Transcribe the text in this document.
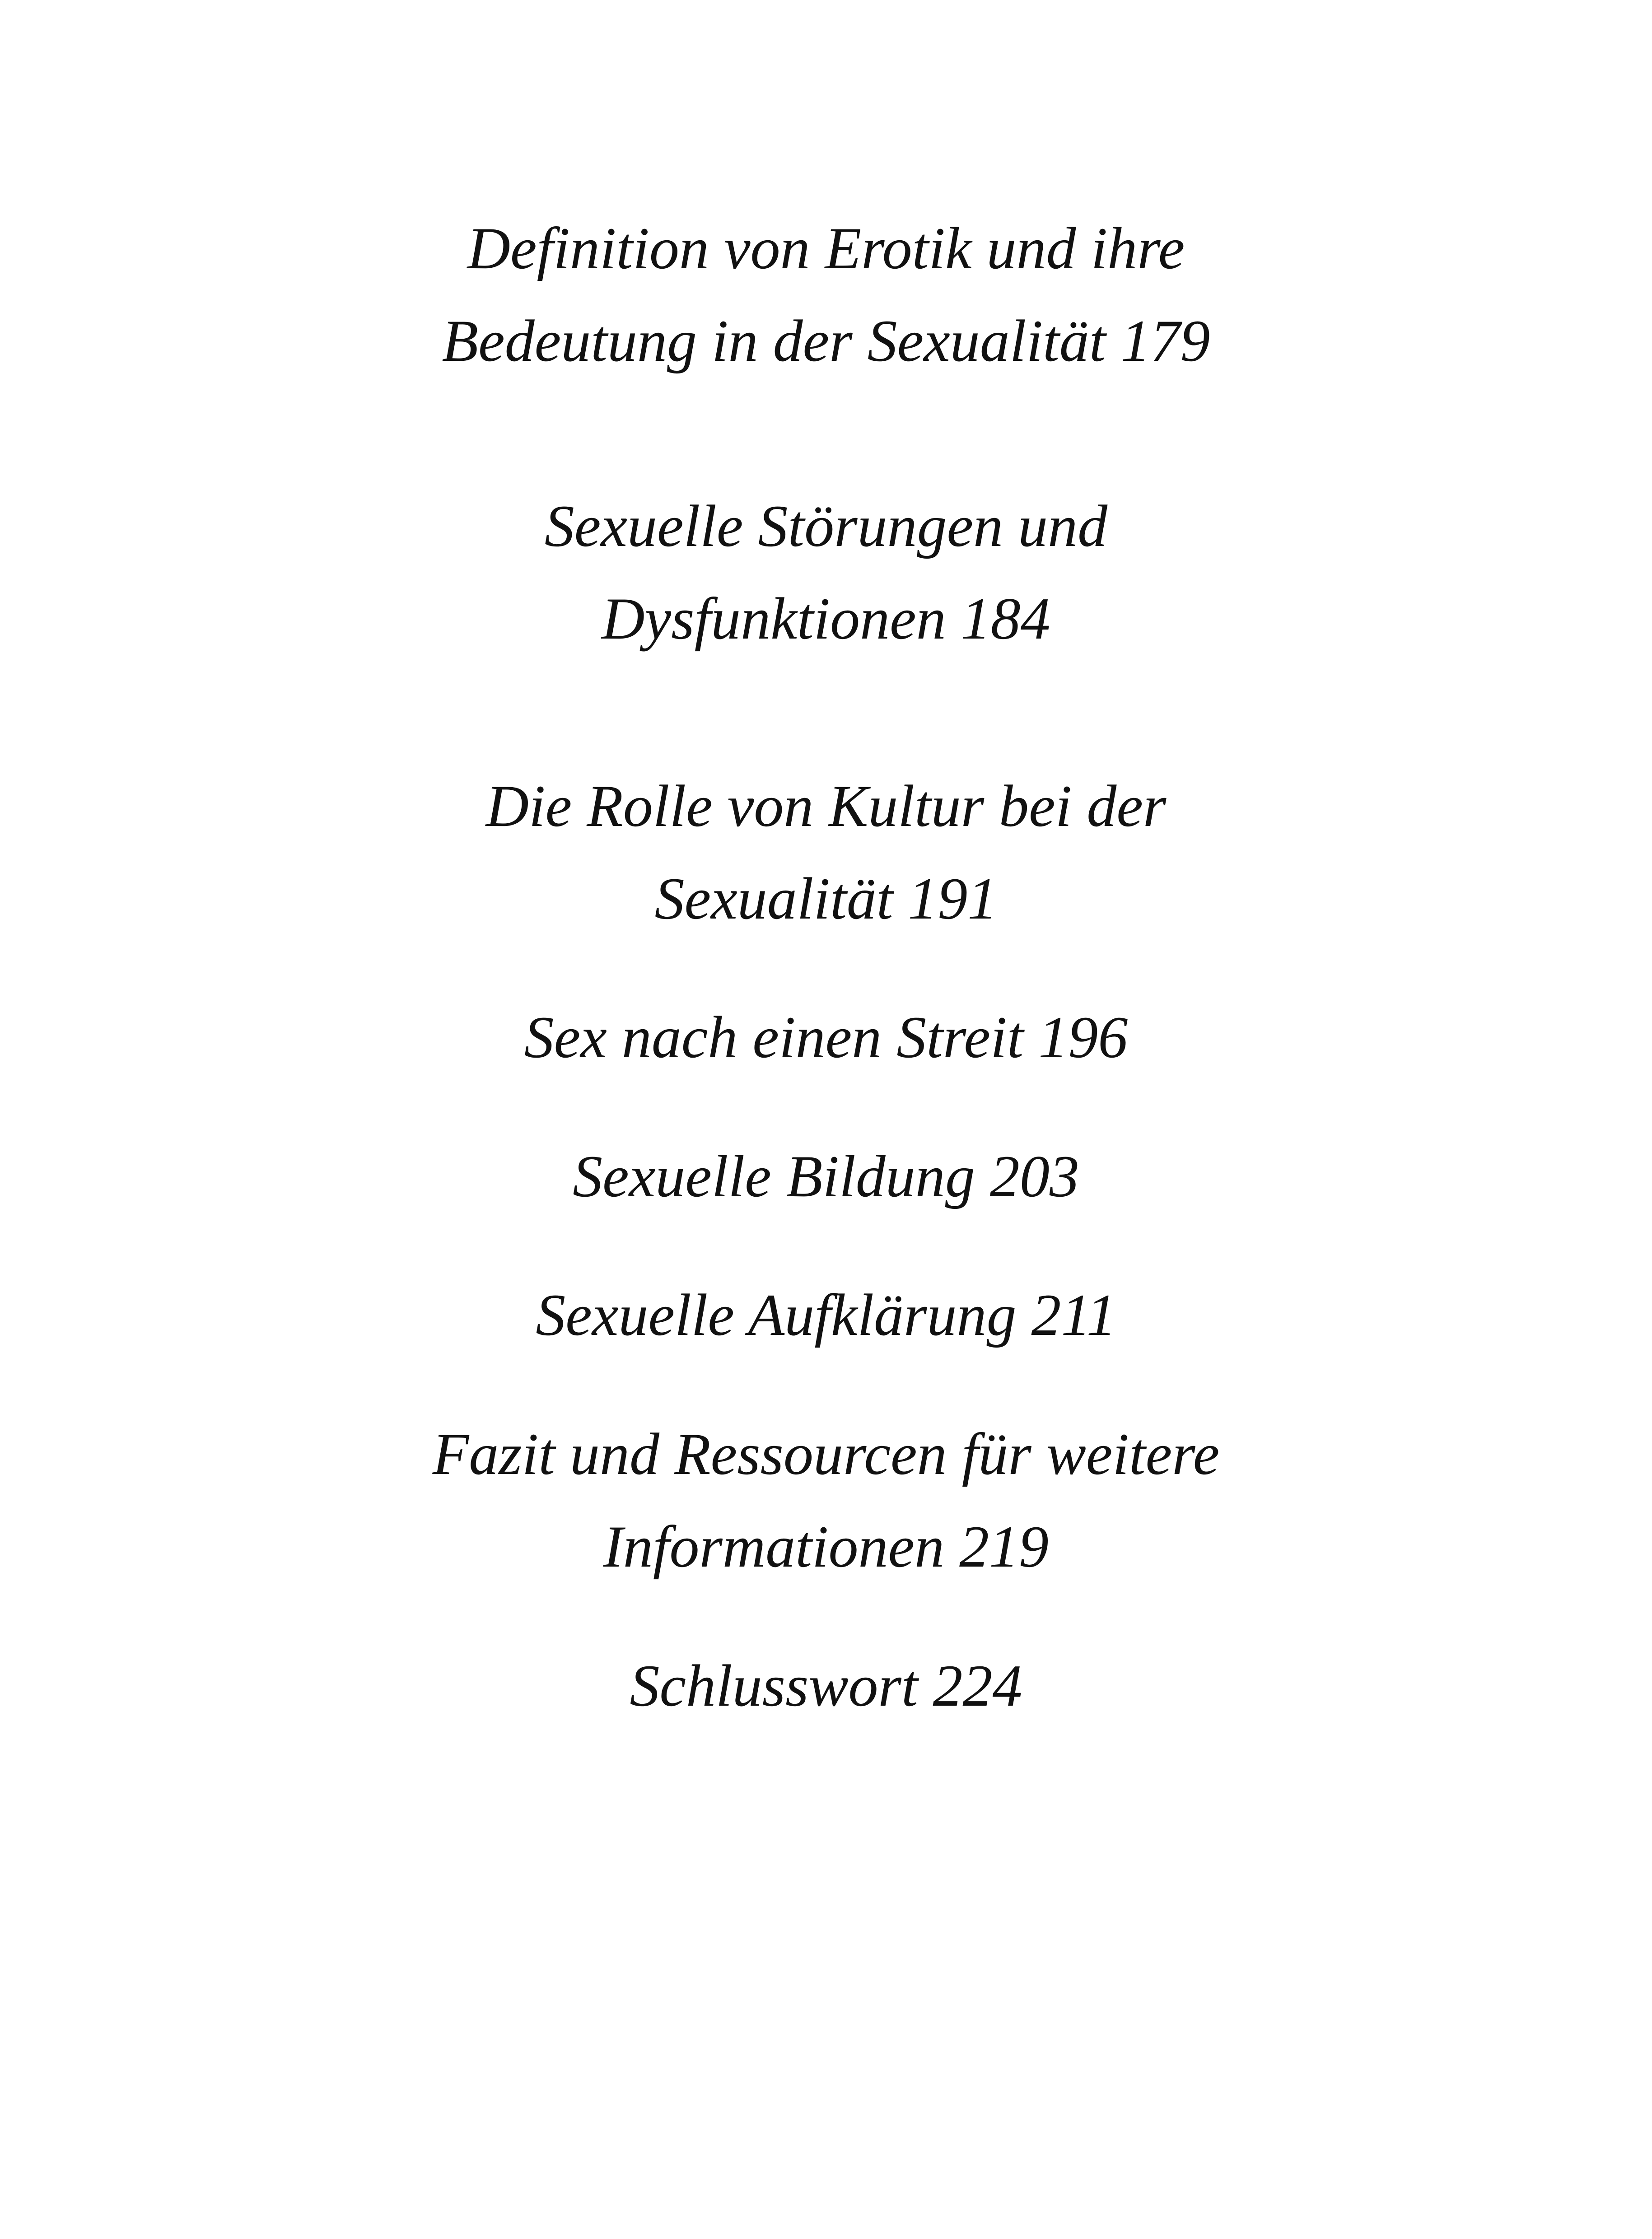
Definition von Erotik und ihre
Bedeutung in der Sexualität 179
Sexuelle Störungen und
Dysfunktionen 184
Die Rolle von Kultur bei der
Sexualität 191
Sex nach einen Streit 196
Sexuelle Bildung 203
Sexuelle Aufklärung 211
Fazit und Ressourcen für weitere
Informationen 219
Schlusswort 224
